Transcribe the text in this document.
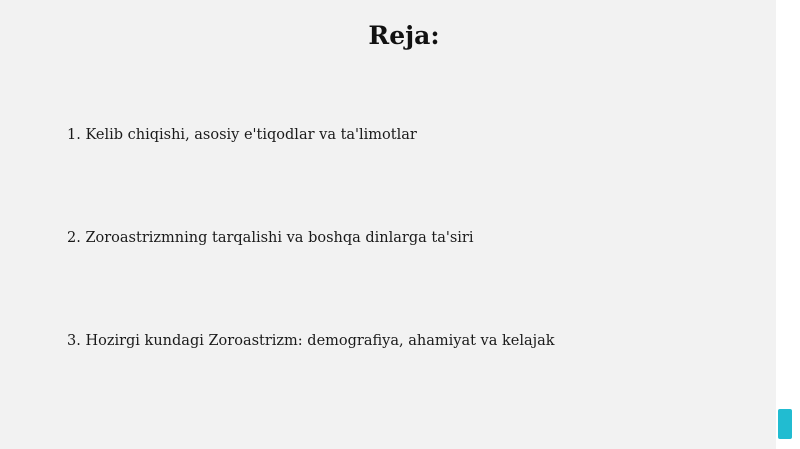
Reja:
1. Kelib chiqishi, asosiy e'tiqodlar va ta'limotlar
2. Zoroastrizmning tarqalishi va boshqa dinlarga ta'siri
3. Hozirgi kundagi Zoroastrizm: demografiya, ahamiyat va kelajak
